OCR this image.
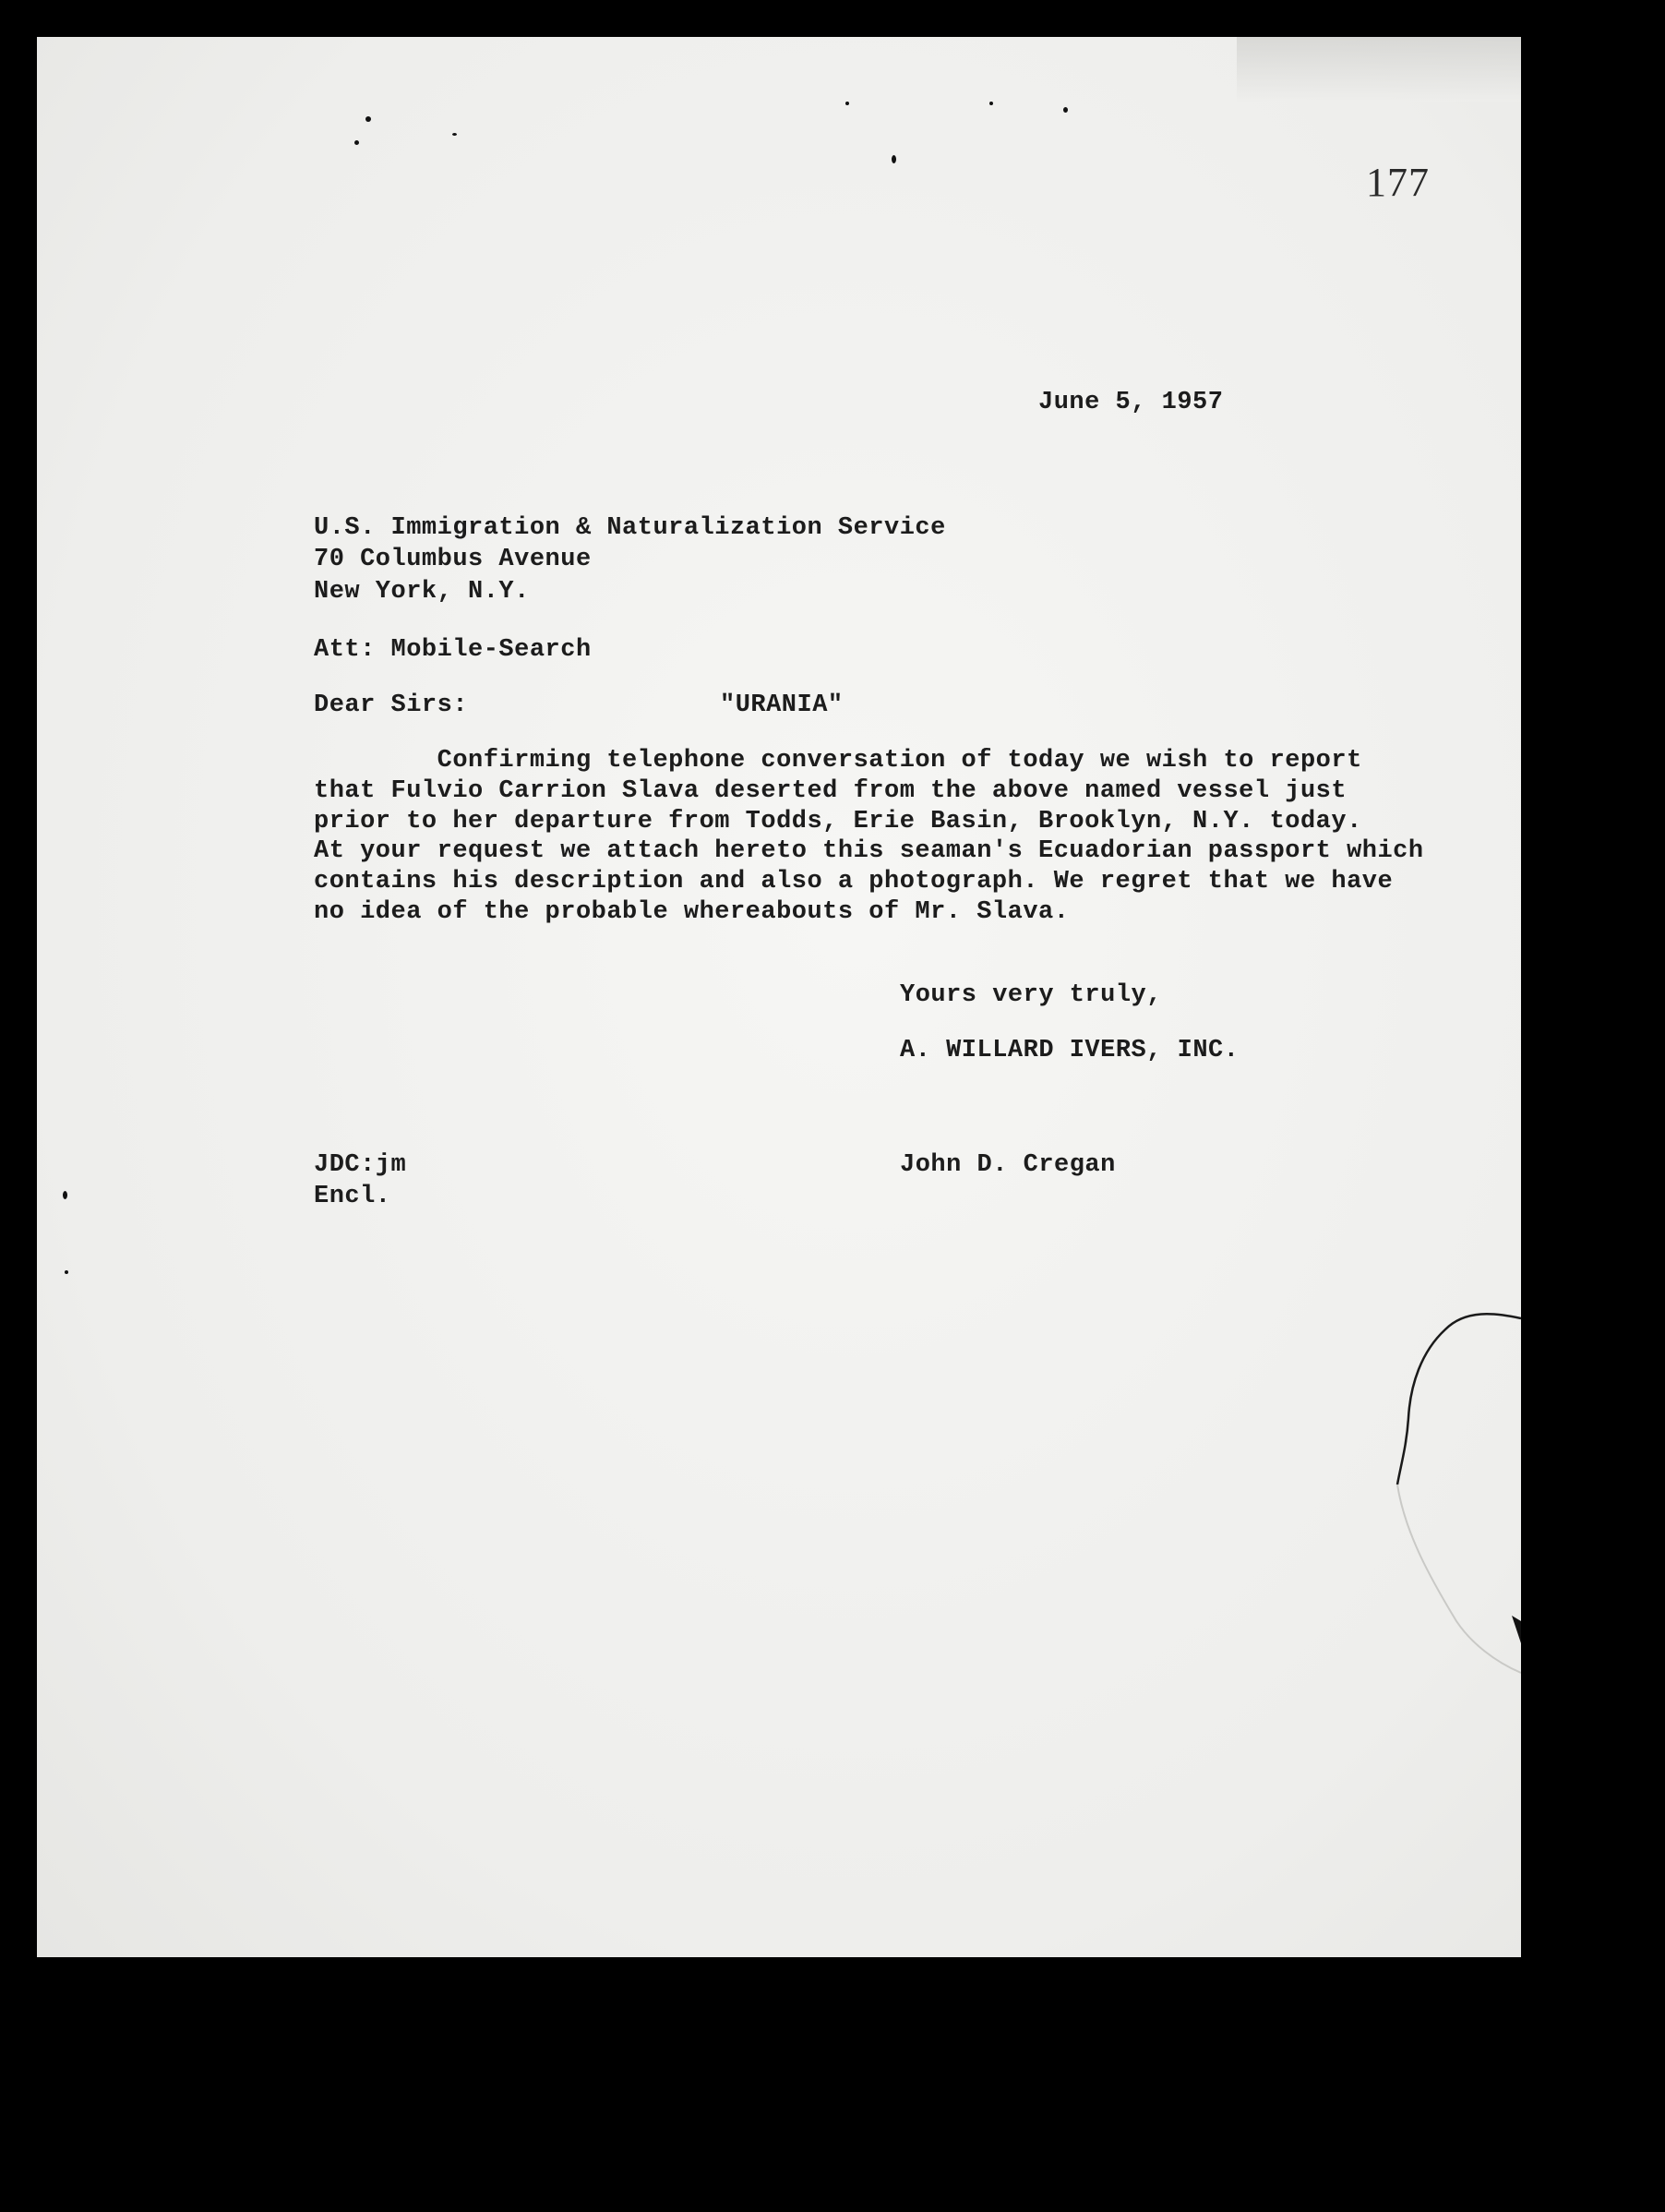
177
June 5, 1957
U.S. Immigration & Naturalization Service
70 Columbus Avenue
New York, N.Y.
Att: Mobile-Search
Dear Sirs:	"URANIA"
Confirming telephone conversation of today we wish to report
that Fulvio Carrion Slava deserted from the above named vessel just
prior to her departure from Todds, Erie Basin, Brooklyn, N.Y. today.
At your request we attach hereto this seaman's Ecuadorian passport which
contains his description and also a photograph. We regret that we have
no idea of the probable whereabouts of Mr. Slava.
Yours very truly,
A. WILLARD IVERS, INC.
JDC:jm
Encl.
John D. Cregan
